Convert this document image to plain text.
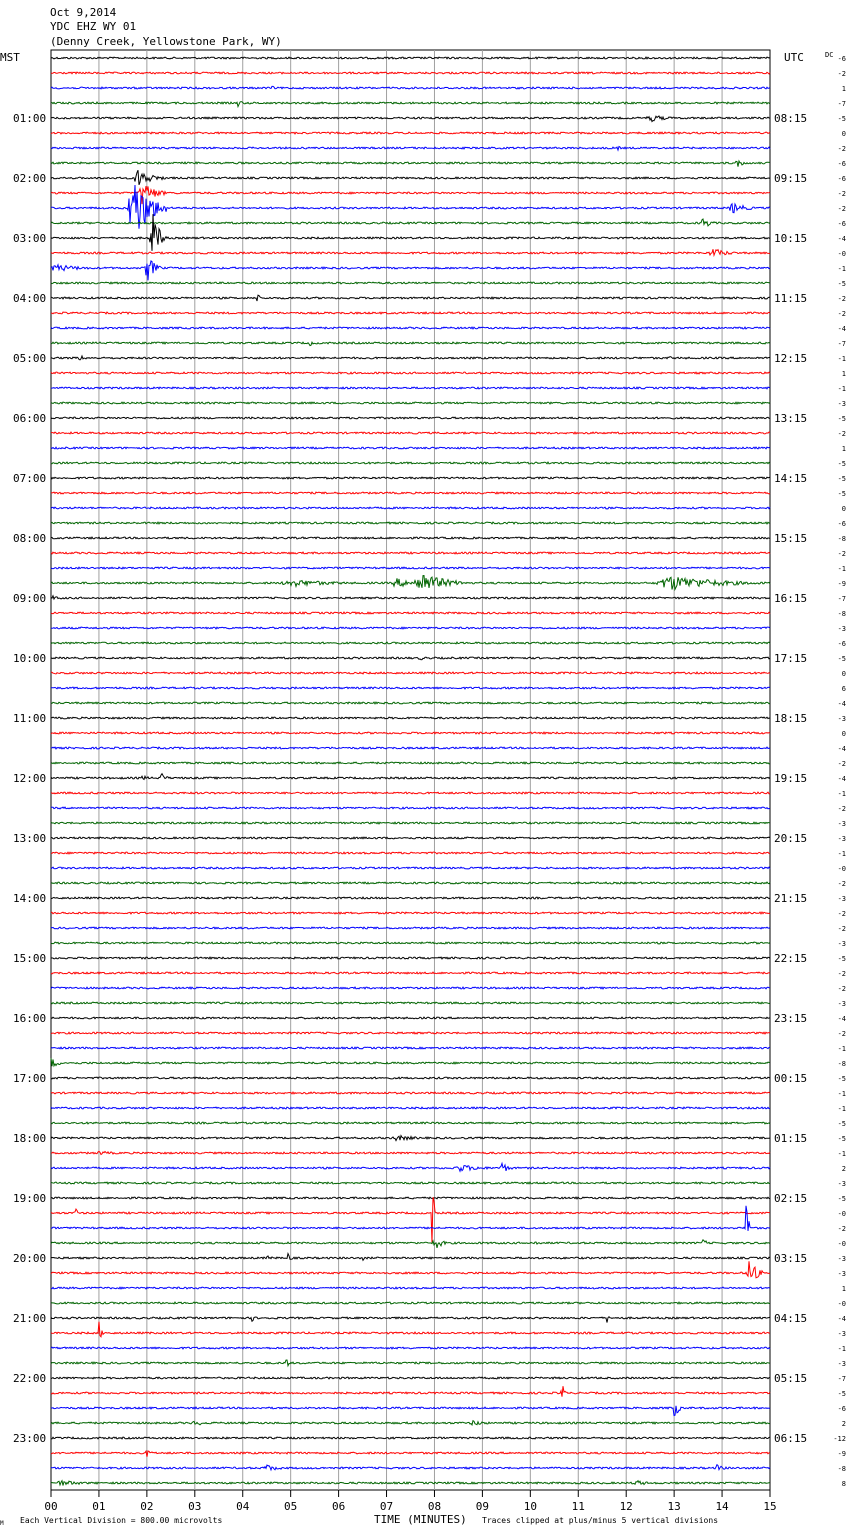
Oct 9,2014
YDC EHZ WY 01
(Denny Creek, Yellowstone Park, WY)
MST	UTC	DC
01:00
02:00
03:00
04:00
05:00
06:00
07:00
08:00
09:00
10:00
11:00
12:00
13:00
14:00
15:00
16:00
17:00
18:00
19:00
20:00
21:00
22:00
23:00
08:15
09:15
10:15
11:15
12:15
13:15
14:15
15:15
16:15
17:15
18:15
19:15
20:15
21:15
22:15
23:15
00:15
01:15
02:15
03:15
04:15
05:15
06:15
-6
-2
1
-7
-5
0
-2
-6
-6
-2
-2
-6
-4
-0
-1
-5
-2
-2
-4
-7
-1
1
-1
-3
-5
-2
1
-5
-5
-5
0
-6
-8
-2
-1
-9
-7
-8
-3
-6
-5
0
6
-4
-3
0
-4
-2
-4
-1
-2
-3
-3
-1
-0
-2
-3
-2
-2
-3
-5
-2
-2
-3
-4
-2
-1
-8
-5
-1
-1
-5
-5
-1
2
-3
-5
-0
-2
-0
-3
-3
1
-0
-4
-3
-1
-3
-7
-5
-6
2
-12
-9
-8
8
00	01	02	03	04	05	06	07	08	09	10	11	12	13	14	15
M Each Vertical Division = 800.00 microvolts	TIME (MINUTES) Traces clipped at plus/minus 5 vertical divisions
